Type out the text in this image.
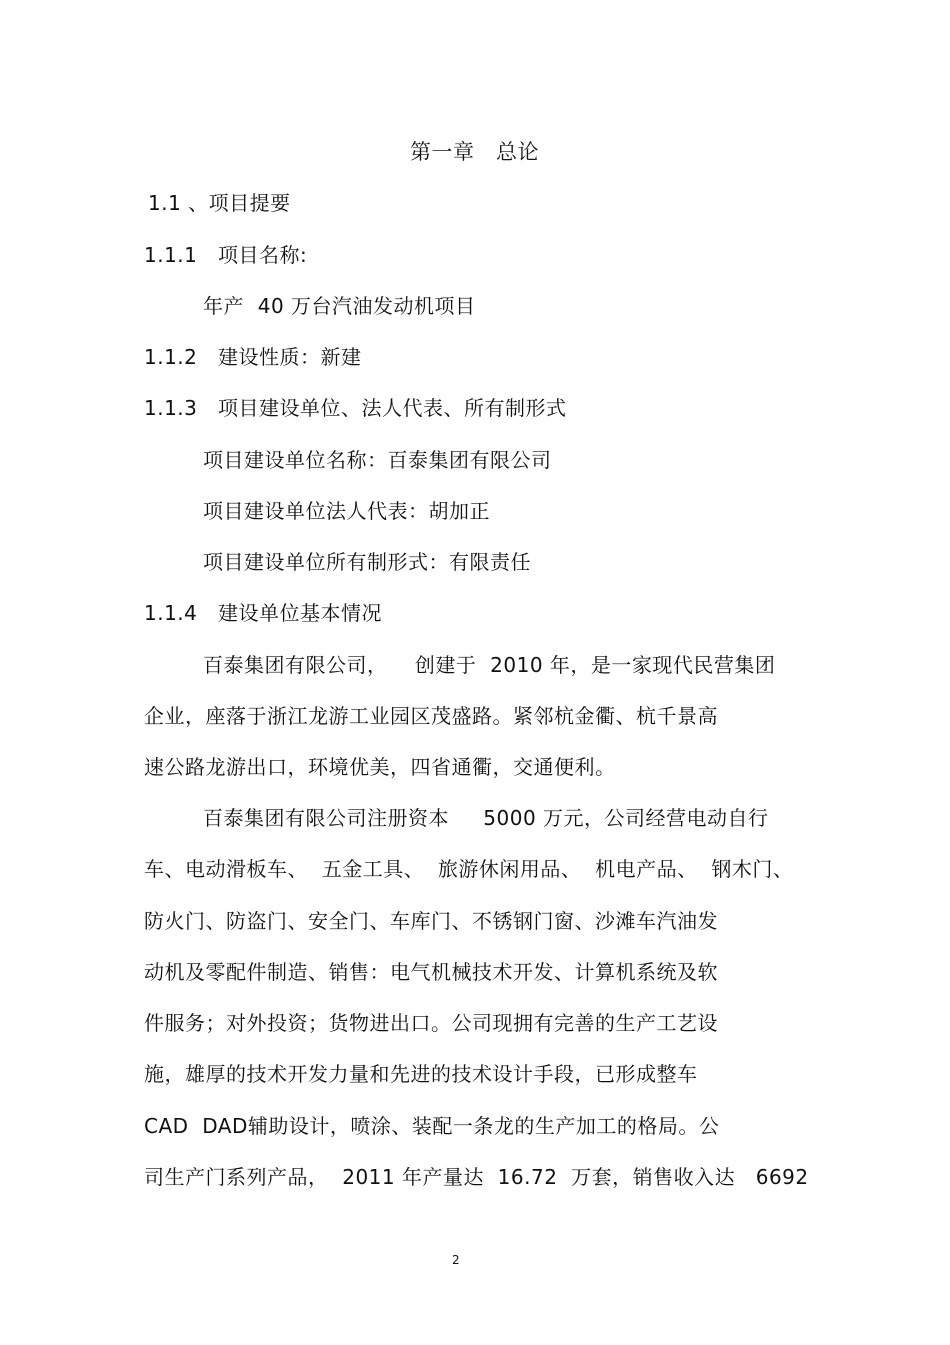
第一章　总论
1.1 、项目提要
1.1.1   项目名称:
年产  40 万台汽油发动机项目
1.1.2   建设性质：新建
1.1.3   项目建设单位、法人代表、所有制形式
项目建设单位名称：百泰集团有限公司
项目建设单位法人代表：胡加正
项目建设单位所有制形式：有限责任
1.1.4   建设单位基本情况
百泰集团有限公司，    创建于  2010 年，是一家现代民营集团
企业，座落于浙江龙游工业园区茂盛路。紧邻杭金衢、杭千景高
速公路龙游出口，环境优美，四省通衢，交通便利。
百泰集团有限公司注册资本     5000 万元，公司经营电动自行
车、电动滑板车、  五金工具、  旅游休闲用品、  机电产品、  钢木门、
防火门、防盗门、安全门、车库门、不锈钢门窗、沙滩车汽油发
动机及零配件制造、销售：电气机械技术开发、计算机系统及软
件服务；对外投资；货物进出口。公司现拥有完善的生产工艺设
施，雄厚的技术开发力量和先进的技术设计手段，已形成整车
CAD  DAD辅助设计，喷涂、装配一条龙的生产加工的格局。公
司生产门系列产品，  2011 年产量达  16.72  万套，销售收入达   6692
2
